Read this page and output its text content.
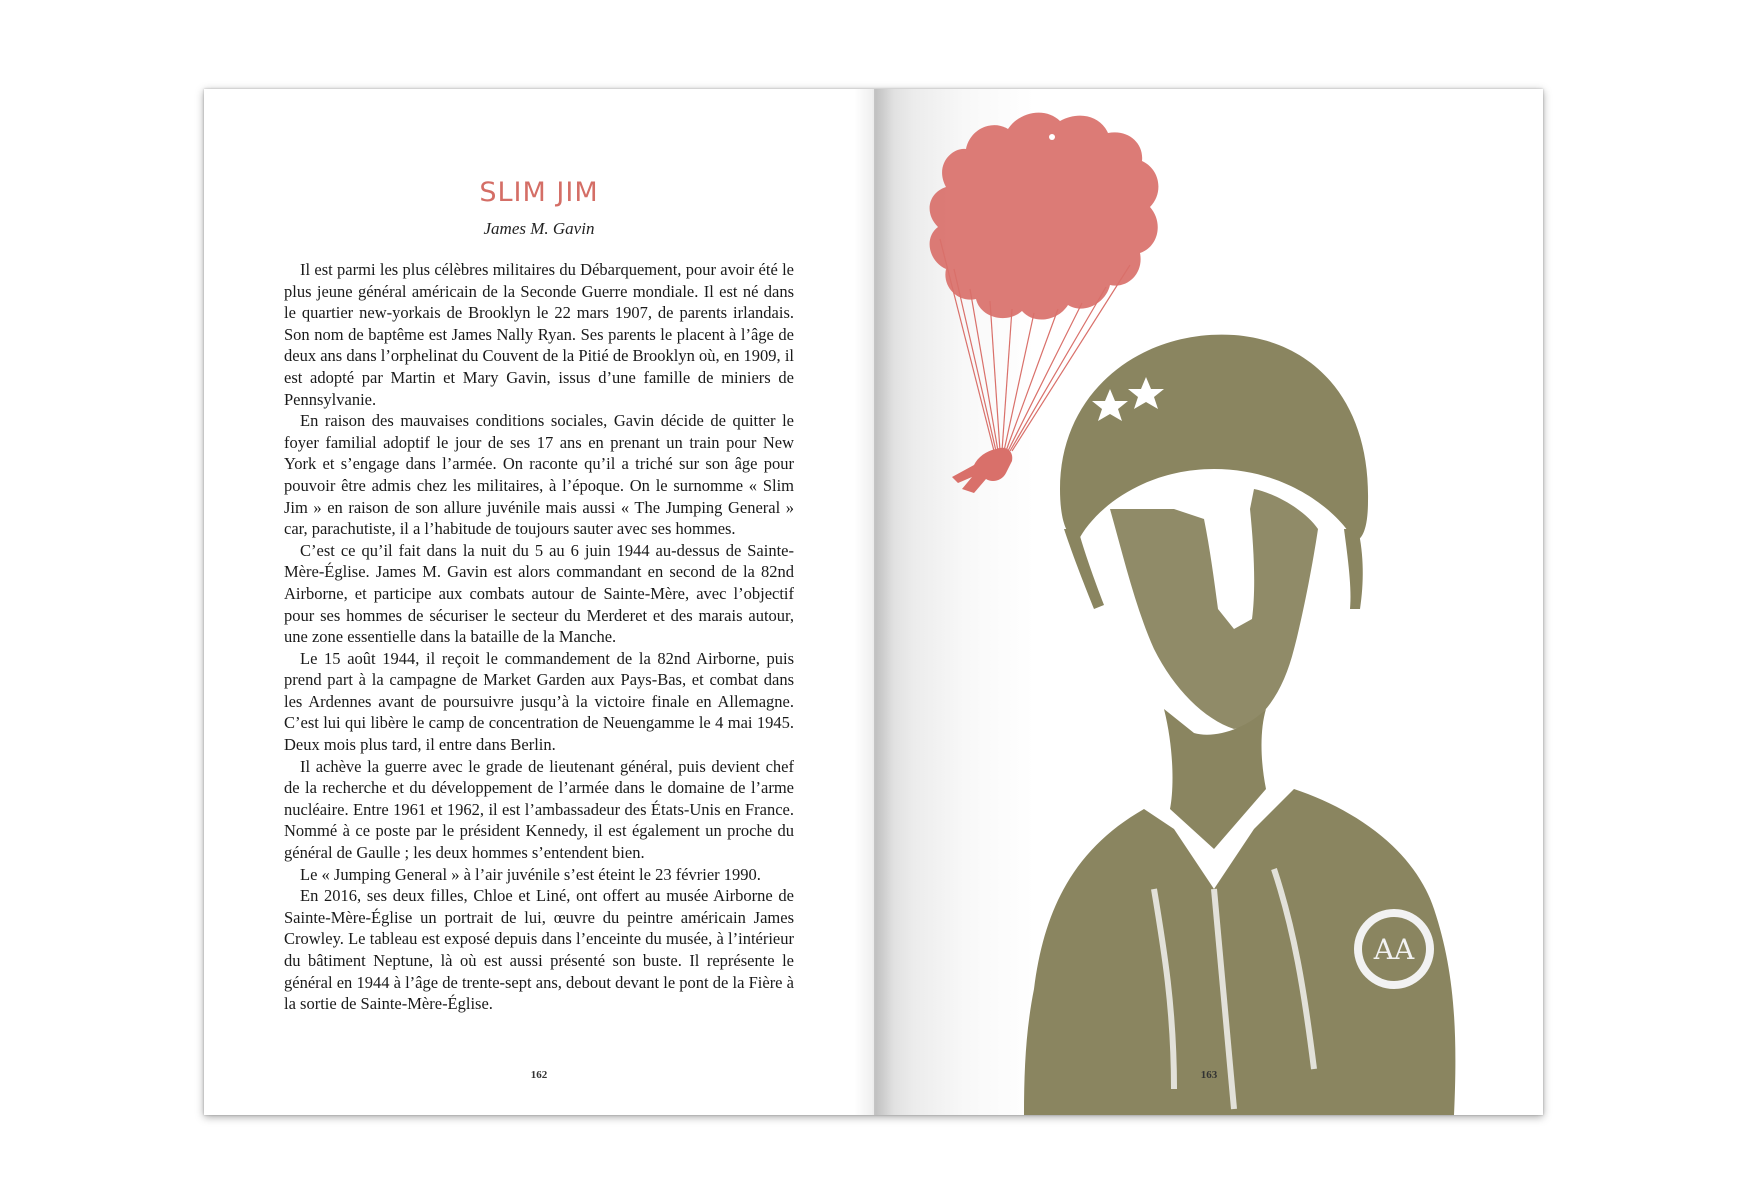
SLIM JIM
James M. Gavin

Il est parmi les plus célèbres militaires du Débarquement, pour avoir été le plus jeune général américain de la Seconde Guerre mondiale. Il est né dans le quartier new-yorkais de Brooklyn le 22 mars 1907, de parents irlandais. Son nom de baptême est James Nally Ryan. Ses parents le placent à l’âge de deux ans dans l’orphelinat du Couvent de la Pitié de Brooklyn où, en 1909, il est adopté par Martin et Mary Gavin, issus d’une famille de miniers de Pennsylvanie.

En raison des mauvaises conditions sociales, Gavin décide de quitter le foyer familial adoptif le jour de ses 17 ans en prenant un train pour New York et s’engage dans l’armée. On raconte qu’il a triché sur son âge pour pouvoir être admis chez les militaires, à l’époque. On le surnomme « Slim Jim » en raison de son allure juvénile mais aussi « The Jumping General » car, parachutiste, il a l’habitude de toujours sauter avec ses hommes.

C’est ce qu’il fait dans la nuit du 5 au 6 juin 1944 au-dessus de Sainte-Mère-Église. James M. Gavin est alors commandant en second de la 82nd Airborne, et participe aux combats autour de Sainte-Mère, avec l’objectif pour ses hommes de sécuriser le secteur du Merderet et des marais autour, une zone essentielle dans la bataille de la Manche.

Le 15 août 1944, il reçoit le commandement de la 82nd Airborne, puis prend part à la campagne de Market Garden aux Pays-Bas, et combat dans les Ardennes avant de poursuivre jusqu’à la victoire finale en Allemagne. C’est lui qui libère le camp de concentration de Neuengamme le 4 mai 1945. Deux mois plus tard, il entre dans Berlin.

Il achève la guerre avec le grade de lieutenant général, puis devient chef de la recherche et du développement de l’armée dans le domaine de l’arme nucléaire. Entre 1961 et 1962, il est l’ambassadeur des États-Unis en France. Nommé à ce poste par le président Kennedy, il est également un proche du général de Gaulle ; les deux hommes s’entendent bien.

Le « Jumping General » à l’air juvénile s’est éteint le 23 février 1990.

En 2016, ses deux filles, Chloe et Liné, ont offert au musée Airborne de Sainte-Mère-Église un portrait de lui, œuvre du peintre américain James Crowley. Le tableau est exposé depuis dans l’enceinte du musée, à l’intérieur du bâtiment Neptune, là où est aussi présenté son buste. Il représente le général en 1944 à l’âge de trente-sept ans, debout devant le pont de la Fière à la sortie de Sainte-Mère-Église.

162
AA
163
